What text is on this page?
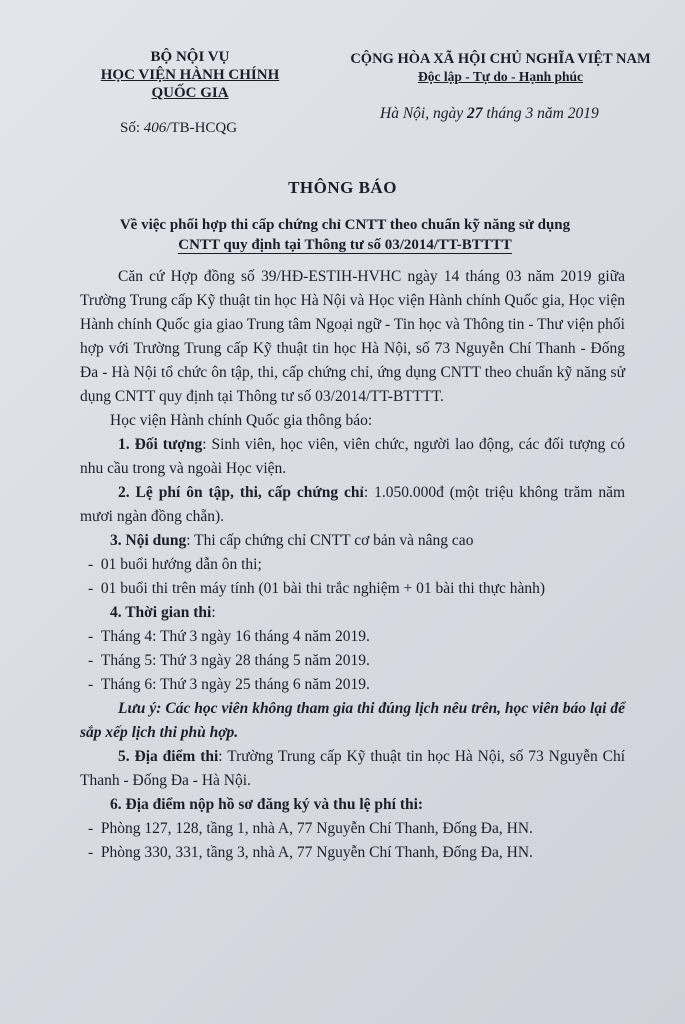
BỘ NỘI VỤ
HỌC VIỆN HÀNH CHÍNH
QUỐC GIA
Số: 406/TB-HCQG
CỘNG HÒA XÃ HỘI CHỦ NGHĨA VIỆT NAM
Độc lập - Tự do - Hạnh phúc
Hà Nội, ngày 27 tháng 3 năm 2019
THÔNG BÁO
Về việc phối hợp thi cấp chứng chỉ CNTT theo chuẩn kỹ năng sử dụng
CNTT quy định tại Thông tư số 03/2014/TT-BTTTT

Căn cứ Hợp đồng số 39/HĐ-ESTIH-HVHC ngày 14 tháng 03 năm 2019 giữa Trường Trung cấp Kỹ thuật tin học Hà Nội và Học viện Hành chính Quốc gia, Học viện Hành chính Quốc gia giao Trung tâm Ngoại ngữ - Tin học và Thông tin - Thư viện phối hợp với Trường Trung cấp Kỹ thuật tin học Hà Nội, số 73 Nguyễn Chí Thanh - Đống Đa - Hà Nội tổ chức ôn tập, thi, cấp chứng chỉ, ứng dụng CNTT theo chuẩn kỹ năng sử dụng CNTT quy định tại Thông tư số 03/2014/TT-BTTTT.

Học viện Hành chính Quốc gia thông báo:

1. Đối tượng: Sinh viên, học viên, viên chức, người lao động, các đối tượng có nhu cầu trong và ngoài Học viện.

2. Lệ phí ôn tập, thi, cấp chứng chỉ: 1.050.000đ (một triệu không trăm năm mươi ngàn đồng chẵn).

3. Nội dung: Thi cấp chứng chỉ CNTT cơ bản và nâng cao

- 01 buổi hướng dẫn ôn thi;

- 01 buổi thi trên máy tính (01 bài thi trắc nghiệm + 01 bài thi thực hành)

4. Thời gian thi:

- Tháng 4: Thứ 3 ngày 16 tháng 4 năm 2019.

- Tháng 5: Thứ 3 ngày 28 tháng 5 năm 2019.

- Tháng 6: Thứ 3 ngày 25 tháng 6 năm 2019.

Lưu ý: Các học viên không tham gia thi đúng lịch nêu trên, học viên báo lại để sắp xếp lịch thi phù hợp.

5. Địa điểm thi: Trường Trung cấp Kỹ thuật tin học Hà Nội, số 73 Nguyễn Chí Thanh - Đống Đa - Hà Nội.

6. Địa điểm nộp hồ sơ đăng ký và thu lệ phí thi:

- Phòng 127, 128, tầng 1, nhà A, 77 Nguyễn Chí Thanh, Đống Đa, HN.

- Phòng 330, 331, tầng 3, nhà A, 77 Nguyễn Chí Thanh, Đống Đa, HN.
